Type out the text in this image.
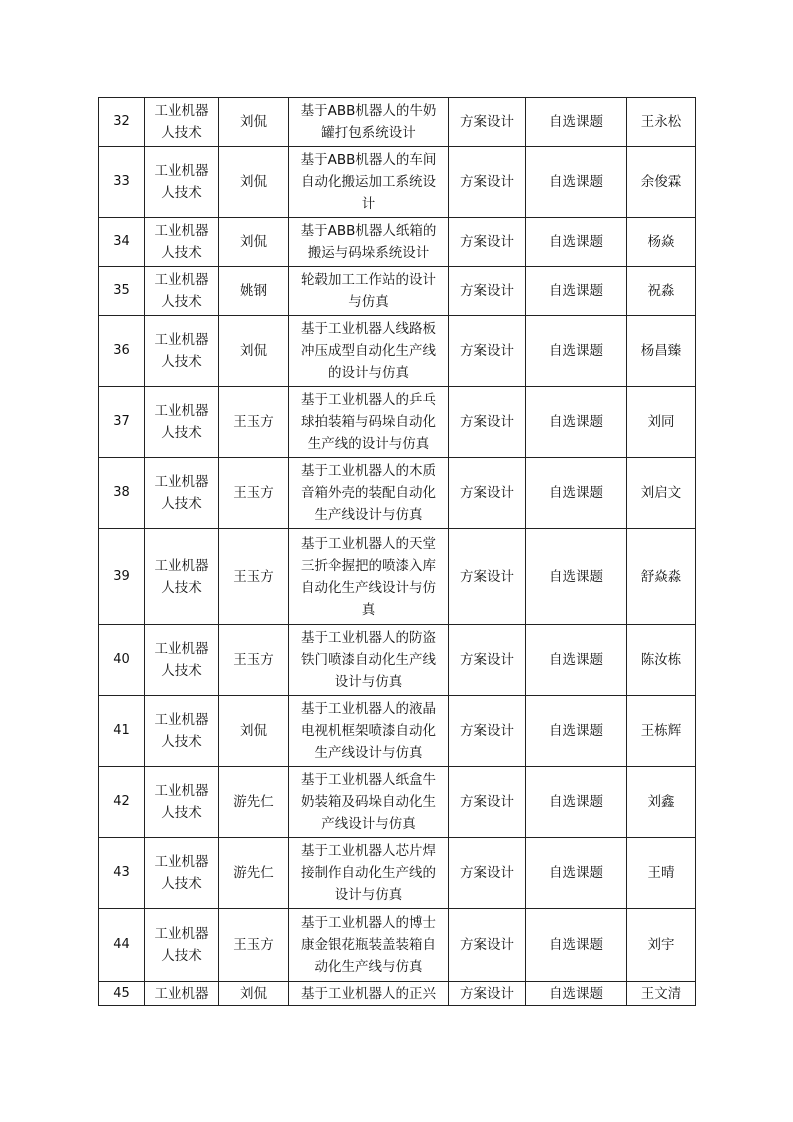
32	工业机器人技术	刘侃	基于ABB机器人的牛奶罐打包系统设计	方案设计	自选课题	王永松
33	工业机器人技术	刘侃	基于ABB机器人的车间自动化搬运加工系统设计	方案设计	自选课题	余俊霖
34	工业机器人技术	刘侃	基于ABB机器人纸箱的搬运与码垛系统设计	方案设计	自选课题	杨焱
35	工业机器人技术	姚钢	轮毂加工工作站的设计与仿真	方案设计	自选课题	祝淼
36	工业机器人技术	刘侃	基于工业机器人线路板冲压成型自动化生产线的设计与仿真	方案设计	自选课题	杨昌臻
37	工业机器人技术	王玉方	基于工业机器人的乒乓球拍装箱与码垛自动化生产线的设计与仿真	方案设计	自选课题	刘同
38	工业机器人技术	王玉方	基于工业机器人的木质音箱外壳的装配自动化生产线设计与仿真	方案设计	自选课题	刘启文
39	工业机器人技术	王玉方	基于工业机器人的天堂三折伞握把的喷漆入库自动化生产线设计与仿真	方案设计	自选课题	舒焱淼
40	工业机器人技术	王玉方	基于工业机器人的防盗铁门喷漆自动化生产线设计与仿真	方案设计	自选课题	陈汝栋
41	工业机器人技术	刘侃	基于工业机器人的液晶电视机框架喷漆自动化生产线设计与仿真	方案设计	自选课题	王栋辉
42	工业机器人技术	游先仁	基于工业机器人纸盒牛奶装箱及码垛自动化生产线设计与仿真	方案设计	自选课题	刘鑫
43	工业机器人技术	游先仁	基于工业机器人芯片焊接制作自动化生产线的设计与仿真	方案设计	自选课题	王晴
44	工业机器人技术	王玉方	基于工业机器人的博士康金银花瓶装盖装箱自动化生产线与仿真	方案设计	自选课题	刘宇
45	工业机器	刘侃	基于工业机器人的正兴	方案设计	自选课题	王文清
